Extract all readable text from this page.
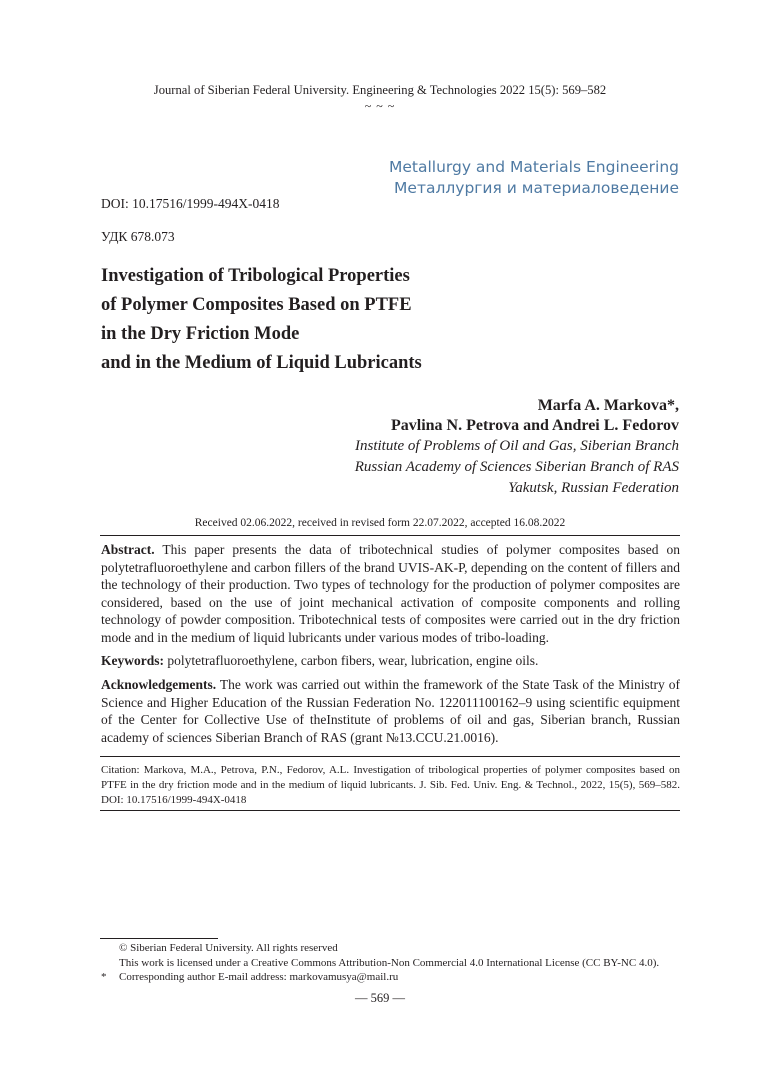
Journal of Siberian Federal University. Engineering & Technologies 2022 15(5): 569–582
~ ~ ~
Metallurgy and Materials Engineering
Металлургия и материаловедение
DOI: 10.17516/1999-494X-0418
УДК 678.073
Investigation of Tribological Properties
of Polymer Composites Based on PTFE
in the Dry Friction Mode
and in the Medium of Liquid Lubricants
Marfa A. Markova*,
Pavlina N. Petrova and Andrei L. Fedorov
Institute of Problems of Oil and Gas, Siberian Branch
Russian Academy of Sciences Siberian Branch of RAS
Yakutsk, Russian Federation
Received 02.06.2022, received in revised form 22.07.2022, accepted 16.08.2022
Abstract. This paper presents the data of tribotechnical studies of polymer composites based on polytetrafluoroethylene and carbon fillers of the brand UVIS-AK-P, depending on the content of fillers and the technology of their production. Two types of technology for the production of polymer composites are considered, based on the use of joint mechanical activation of composite components and rolling technology of powder composition. Tribotechnical tests of composites were carried out in the dry friction mode and in the medium of liquid lubricants under various modes of tribo-loading.
Keywords: polytetrafluoroethylene, carbon fibers, wear, lubrication, engine oils.
Acknowledgements. The work was carried out within the framework of the State Task of the Ministry of Science and Higher Education of the Russian Federation No. 122011100162–9 using scientific equipment of the Center for Collective Use of theInstitute of problems of oil and gas, Siberian branch, Russian academy of sciences Siberian Branch of RAS (grant №13.CCU.21.0016).
Citation: Markova, M.A., Petrova, P.N., Fedorov, A.L. Investigation of tribological properties of polymer composites based on PTFE in the dry friction mode and in the medium of liquid lubricants. J. Sib. Fed. Univ. Eng. & Technol., 2022, 15(5), 569–582. DOI: 10.17516/1999-494X-0418
© Siberian Federal University. All rights reserved
This work is licensed under a Creative Commons Attribution-Non Commercial 4.0 International License (CC BY-NC 4.0).
* Corresponding author E-mail address: markovamusya@mail.ru
— 569 —
